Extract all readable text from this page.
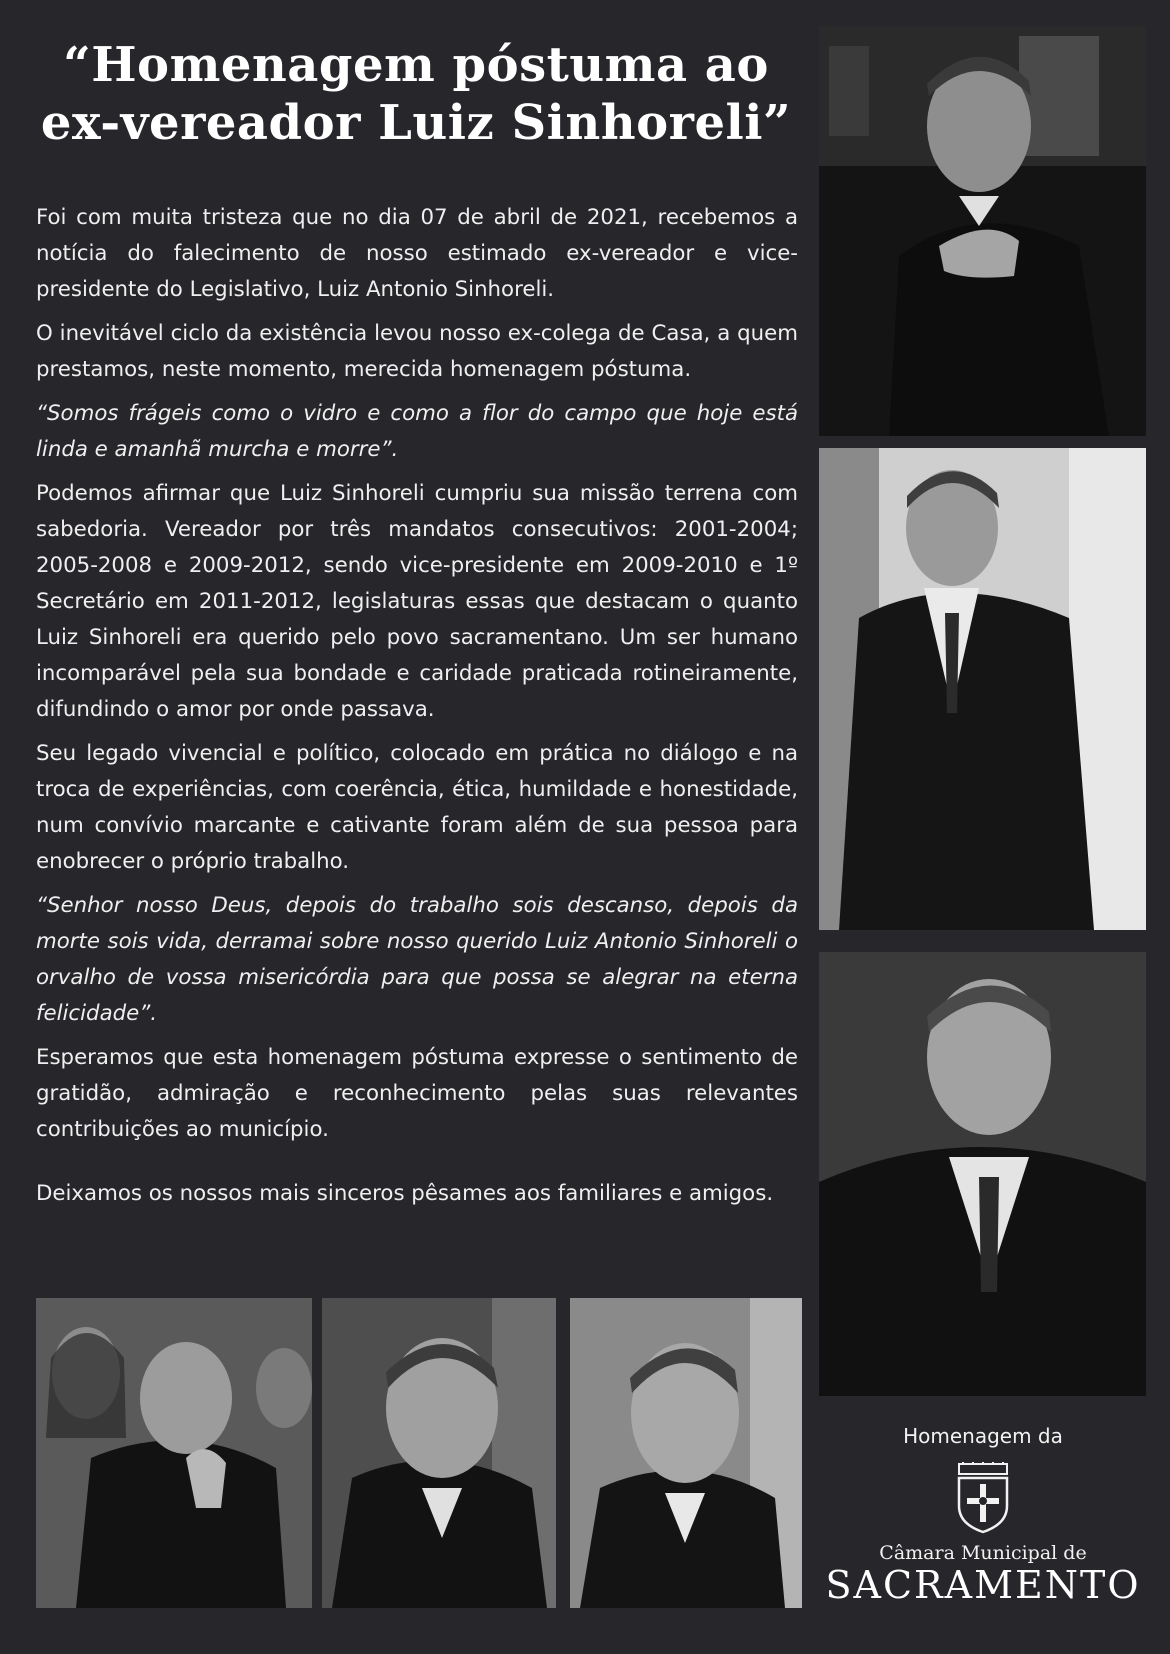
“Homenagem póstuma ao ex-vereador Luiz Sinhoreli”

Foi com muita tristeza que no dia 07 de abril de 2021, recebemos a notícia do falecimento de nosso estimado ex-vereador e vice-presidente do Legislativo, Luiz Antonio Sinhoreli.

O inevitável ciclo da existência levou nosso ex-colega de Casa, a quem prestamos, neste momento, merecida homenagem póstuma.

“Somos frágeis como o vidro e como a flor do campo que hoje está linda e amanhã murcha e morre”.

Podemos afirmar que Luiz Sinhoreli cumpriu sua missão terrena com sabedoria. Vereador por três mandatos consecutivos: 2001-2004; 2005-2008 e 2009-2012, sendo vice-presidente em 2009-2010 e 1º Secretário em 2011-2012, legislaturas essas que destacam o quanto Luiz Sinhoreli era querido pelo povo sacramentano. Um ser humano incomparável pela sua bondade e caridade praticada rotineiramente, difundindo o amor por onde passava.

Seu legado vivencial e político, colocado em prática no diálogo e na troca de experiências, com coerência, ética, humildade e honestidade, num convívio marcante e cativante foram além de sua pessoa para enobrecer o próprio trabalho.

“Senhor nosso Deus, depois do trabalho sois descanso, depois da morte sois vida, derramai sobre nosso querido Luiz Antonio Sinhoreli o orvalho de vossa misericórdia para que possa se alegrar na eterna felicidade”.

Esperamos que esta homenagem póstuma expresse o sentimento de gratidão, admiração e reconhecimento pelas suas relevantes contribuições ao município.

Deixamos os nossos mais sinceros pêsames aos familiares e amigos.

Homenagem da
Câmara Municipal de
SACRAMENTO
